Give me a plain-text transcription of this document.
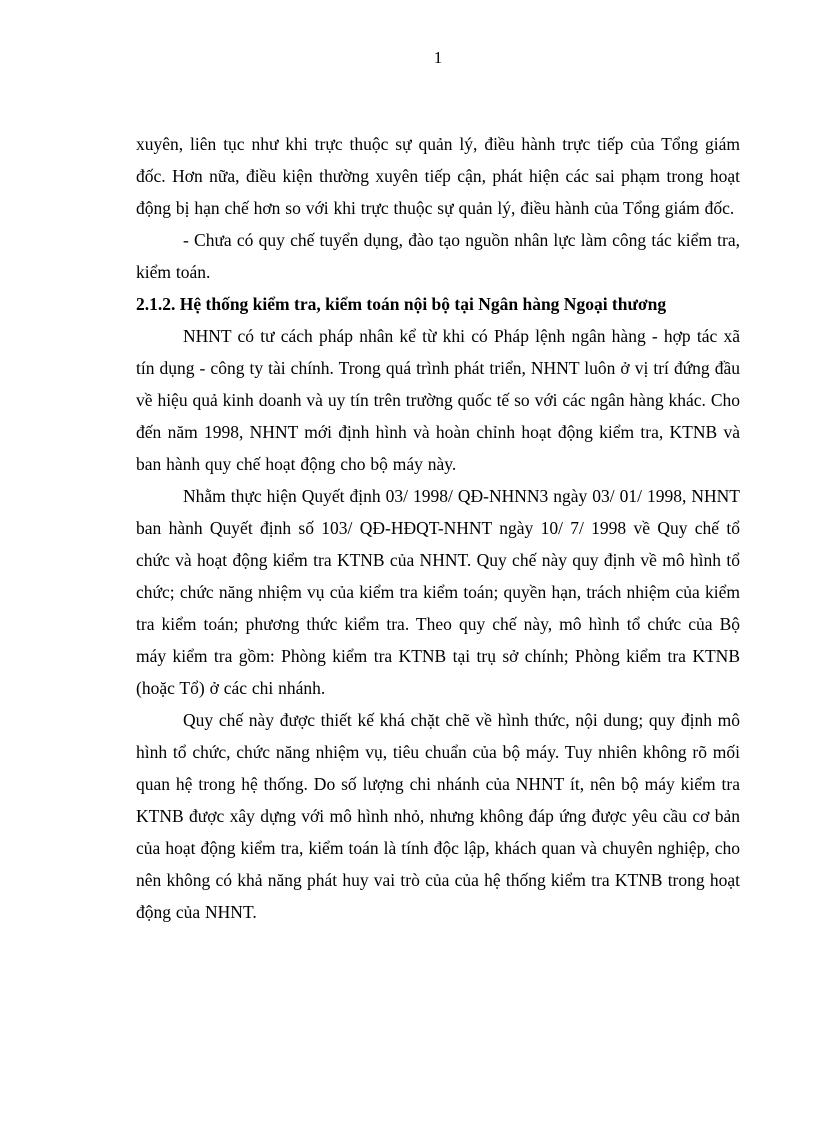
1

xuyên, liên tục như khi trực thuộc sự quản lý, điều hành trực tiếp của Tổng giám đốc. Hơn nữa, điều kiện thường xuyên tiếp cận, phát hiện các sai phạm trong hoạt động bị hạn chế hơn so với khi trực thuộc sự quản lý, điều hành của Tổng giám đốc.

- Chưa có quy chế tuyển dụng, đào tạo nguồn nhân lực làm công tác kiểm tra, kiểm toán.

2.1.2. Hệ thống kiểm tra, kiểm toán nội bộ tại Ngân hàng Ngoại thương

NHNT có tư cách pháp nhân kể từ khi có Pháp lệnh ngân hàng - hợp tác xã tín dụng - công ty tài chính. Trong quá trình phát triển, NHNT luôn ở vị trí đứng đầu về hiệu quả kinh doanh và uy tín trên trường quốc tế so với các ngân hàng khác. Cho đến năm 1998, NHNT mới định hình và hoàn chỉnh hoạt động kiểm tra, KTNB và ban hành quy chế hoạt động cho bộ máy này.

Nhằm thực hiện Quyết định 03/ 1998/ QĐ-NHNN3 ngày 03/ 01/ 1998, NHNT ban hành Quyết định số 103/ QĐ-HĐQT-NHNT ngày 10/ 7/ 1998 về Quy chế tổ chức và hoạt động kiểm tra KTNB của NHNT. Quy chế này quy định về mô hình tổ chức; chức năng nhiệm vụ của kiểm tra kiểm toán; quyền hạn, trách nhiệm của kiểm tra kiểm toán; phương thức kiểm tra. Theo quy chế này, mô hình tổ chức của Bộ máy kiểm tra gồm: Phòng kiểm tra KTNB tại trụ sở chính; Phòng kiểm tra KTNB (hoặc Tổ) ở các chi nhánh.

Quy chế này được thiết kế khá chặt chẽ về hình thức, nội dung; quy định mô hình tổ chức, chức năng nhiệm vụ, tiêu chuẩn của bộ máy. Tuy nhiên không rõ mối quan hệ trong hệ thống. Do số lượng chi nhánh của NHNT ít, nên bộ máy kiểm tra KTNB được xây dựng với mô hình nhỏ, nhưng không đáp ứng được yêu cầu cơ bản của hoạt động kiểm tra, kiểm toán là tính độc lập, khách quan và chuyên nghiệp, cho nên không có khả năng phát huy vai trò của của hệ thống kiểm tra KTNB trong hoạt động của NHNT.
